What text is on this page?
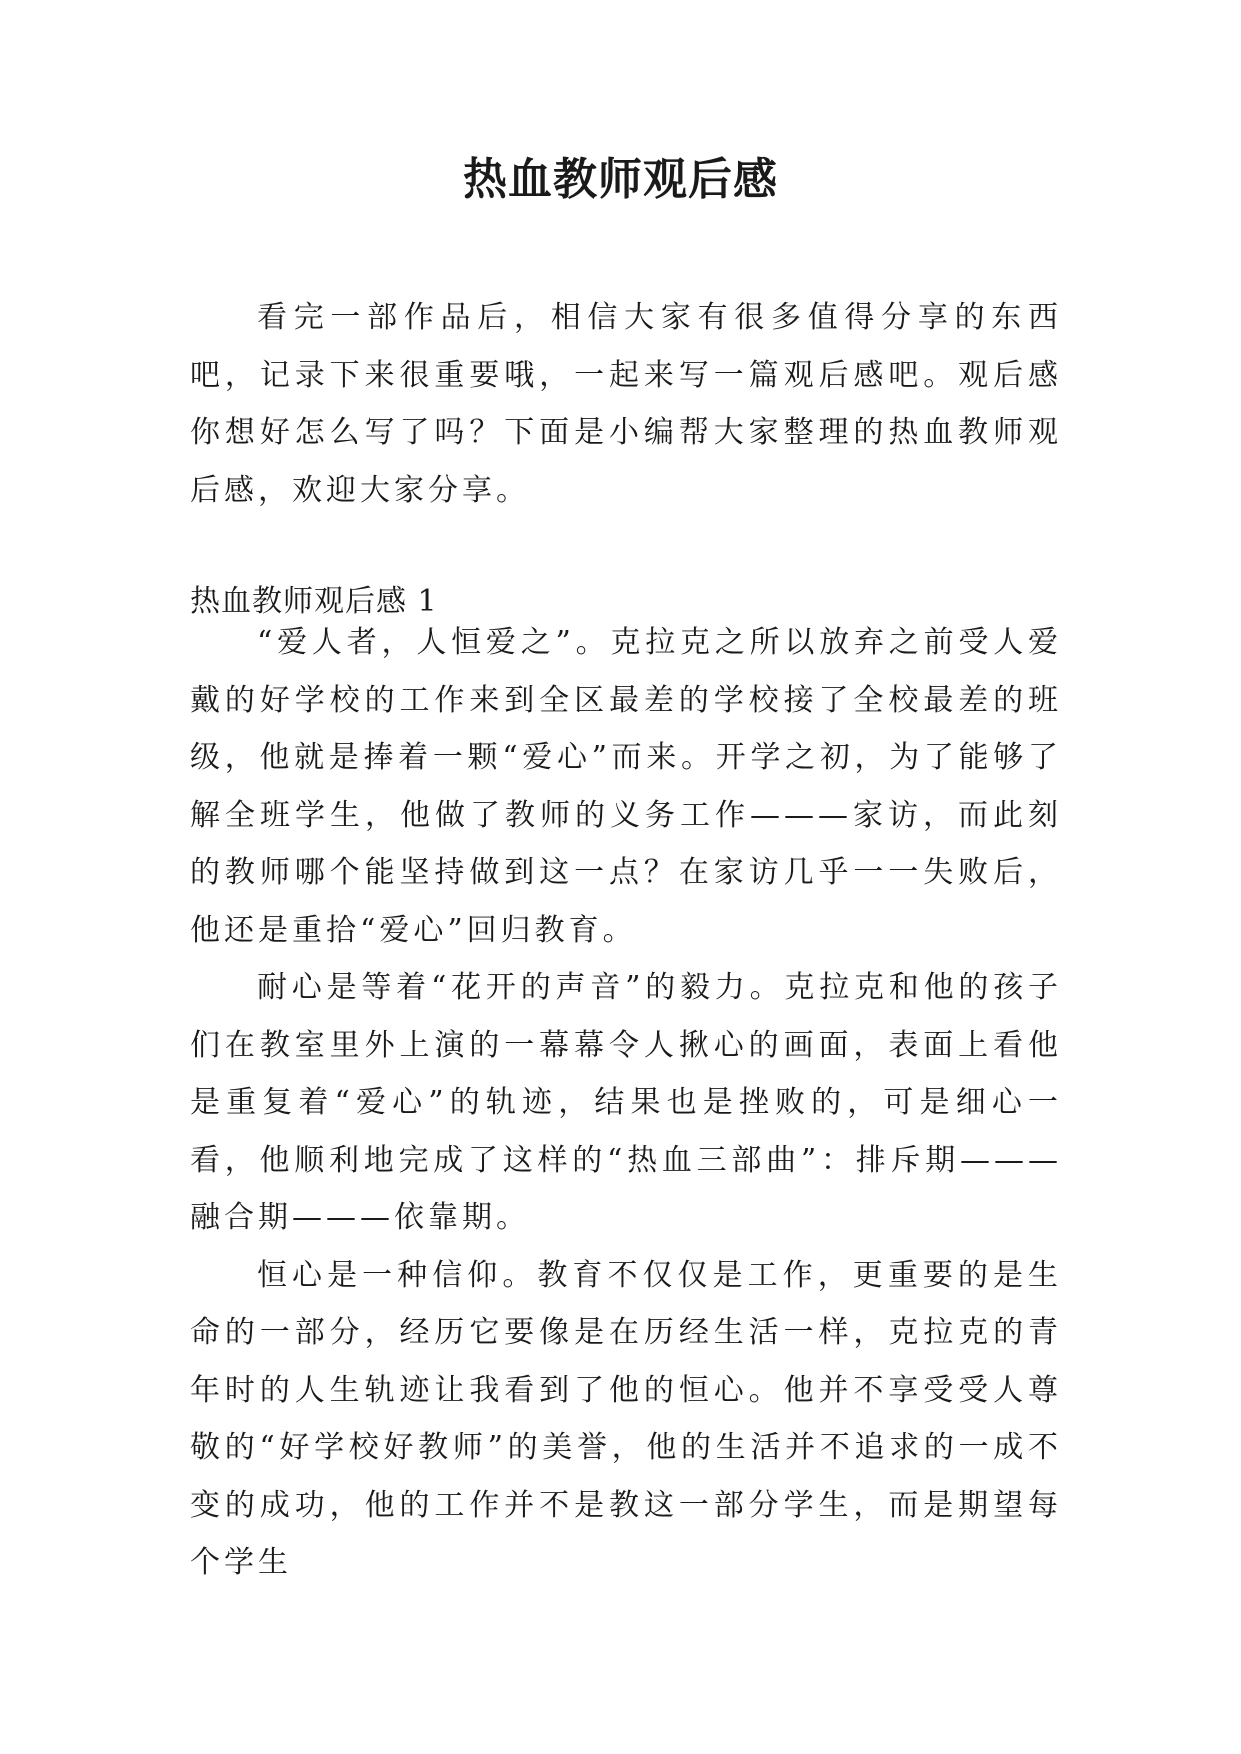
热血教师观后感

看完一部作品后，相信大家有很多值得分享的东西吧，记录下来很重要哦，一起来写一篇观后感吧。观后感你想好怎么写了吗？下面是小编帮大家整理的热血教师观后感，欢迎大家分享。

热血教师观后感 1

“爱人者，人恒爱之”。克拉克之所以放弃之前受人爱戴的好学校的工作来到全区最差的学校接了全校最差的班级，他就是捧着一颗“爱心”而来。开学之初，为了能够了解全班学生，他做了教师的义务工作———家访，而此刻的教师哪个能坚持做到这一点？在家访几乎一一失败后，他还是重拾“爱心”回归教育。

耐心是等着“花开的声音”的毅力。克拉克和他的孩子们在教室里外上演的一幕幕令人揪心的画面，表面上看他是重复着“爱心”的轨迹，结果也是挫败的，可是细心一看，他顺利地完成了这样的“热血三部曲”：排斥期———融合期———依靠期。

恒心是一种信仰。教育不仅仅是工作，更重要的是生命的一部分，经历它要像是在历经生活一样，克拉克的青年时的人生轨迹让我看到了他的恒心。他并不享受受人尊敬的“好学校好教师”的美誉，他的生活并不追求的一成不变的成功，他的工作并不是教这一部分学生，而是期望每个学生
